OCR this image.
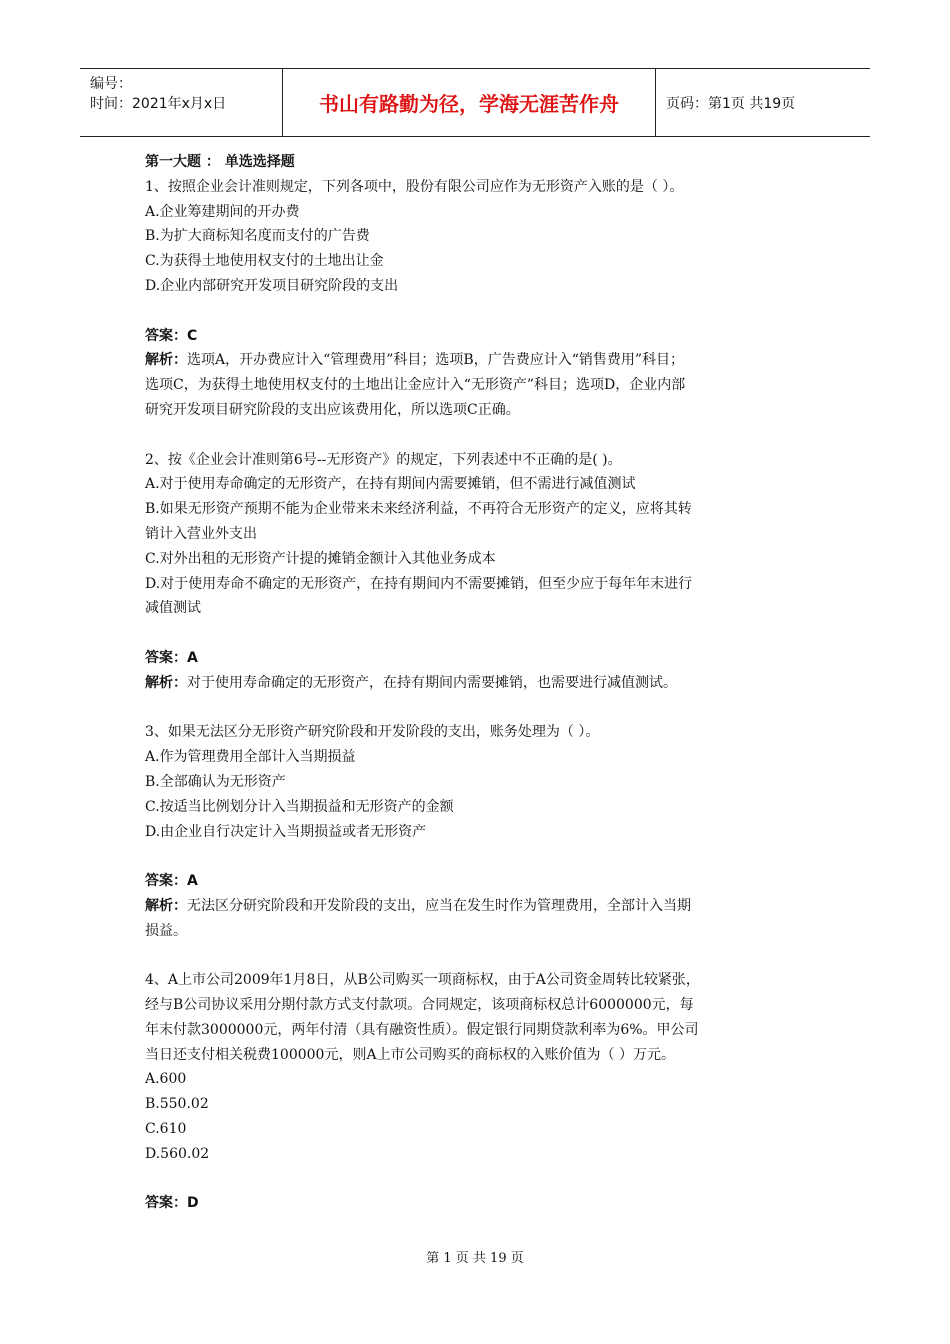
编号：
时间：2021年x月x日	书山有路勤为径，学海无涯苦作舟	页码：第1页 共19页

第一大题 ： 单选选择题

1、按照企业会计准则规定，下列各项中，股份有限公司应作为无形资产入账的是（ ）。

A.企业筹建期间的开办费

B.为扩大商标知名度而支付的广告费

C.为获得土地使用权支付的土地出让金

D.企业内部研究开发项目研究阶段的支出

答案：C

解析：选项A，开办费应计入“管理费用”科目；选项B，广告费应计入“销售费用”科目；

选项C，为获得土地使用权支付的土地出让金应计入“无形资产”科目；选项D，企业内部

研究开发项目研究阶段的支出应该费用化，所以选项C正确。

2、按《企业会计准则第6号--无形资产》的规定，下列表述中不正确的是( )。

A.对于使用寿命确定的无形资产，在持有期间内需要摊销，但不需进行减值测试

B.如果无形资产预期不能为企业带来未来经济利益，不再符合无形资产的定义，应将其转

销计入营业外支出

C.对外出租的无形资产计提的摊销金额计入其他业务成本

D.对于使用寿命不确定的无形资产，在持有期间内不需要摊销，但至少应于每年年末进行

减值测试

答案：A

解析：对于使用寿命确定的无形资产，在持有期间内需要摊销，也需要进行减值测试。

3、如果无法区分无形资产研究阶段和开发阶段的支出，账务处理为（ ）。

A.作为管理费用全部计入当期损益

B.全部确认为无形资产

C.按适当比例划分计入当期损益和无形资产的金额

D.由企业自行决定计入当期损益或者无形资产

答案：A

解析：无法区分研究阶段和开发阶段的支出，应当在发生时作为管理费用，全部计入当期

损益。

4、A上市公司2009年1月8日，从B公司购买一项商标权，由于A公司资金周转比较紧张，

经与B公司协议采用分期付款方式支付款项。合同规定，该项商标权总计6000000元，每

年末付款3000000元，两年付清（具有融资性质）。假定银行同期贷款利率为6%。甲公司

当日还支付相关税费100000元，则A上市公司购买的商标权的入账价值为（ ）万元。

A.600

B.550.02

C.610

D.560.02

答案：D

第 1 页 共 19 页
